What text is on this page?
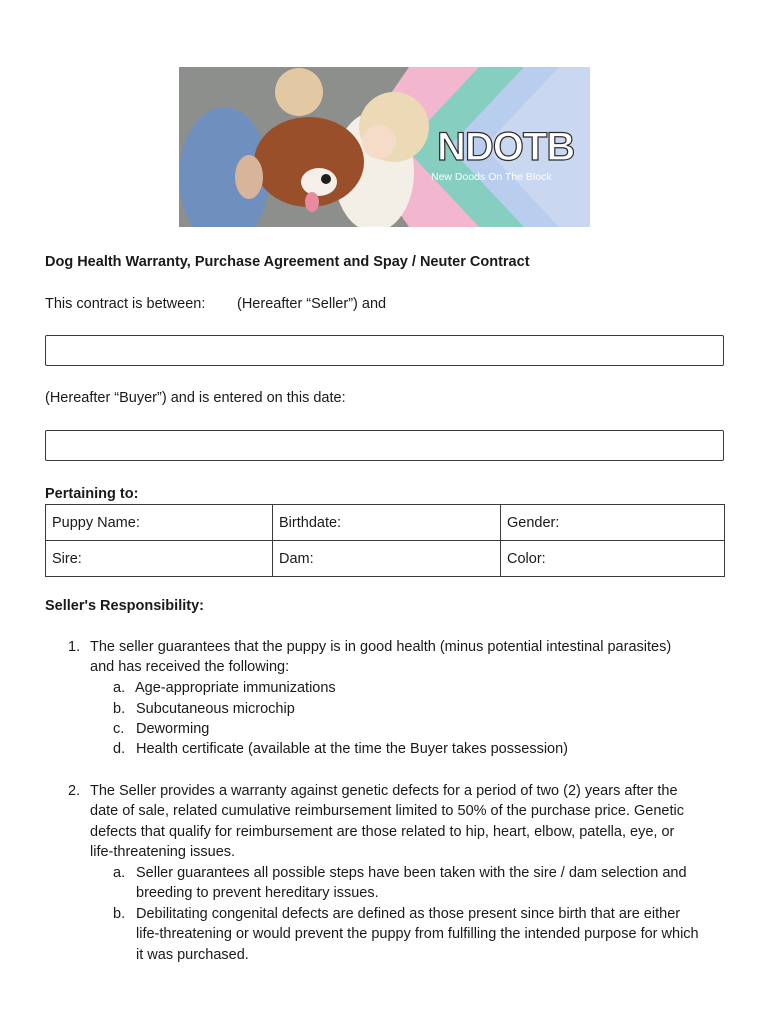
NDOTB
New Doods On The Block
Dog Health Warranty, Purchase Agreement and Spay / Neuter Contract
This contract is between: (Hereafter “Seller”) and
(Hereafter “Buyer”) and is entered on this date:
Pertaining to:
Puppy Name:	Birthdate:	Gender:
Sire:	Dam:	Color:
Seller's Responsibility:
1. The seller guarantees that the puppy is in good health (minus potential intestinal parasites)
and has received the following:
a. Age-appropriate immunizations
b. Subcutaneous microchip
c. Deworming
d. Health certificate (available at the time the Buyer takes possession)
2. The Seller provides a warranty against genetic defects for a period of two (2) years after the
date of sale, related cumulative reimbursement limited to 50% of the purchase price. Genetic
defects that qualify for reimbursement are those related to hip, heart, elbow, patella, eye, or
life-threatening issues.
a. Seller guarantees all possible steps have been taken with the sire / dam selection and
breeding to prevent hereditary issues.
b. Debilitating congenital defects are defined as those present since birth that are either
life-threatening or would prevent the puppy from fulfilling the intended purpose for which
it was purchased.
